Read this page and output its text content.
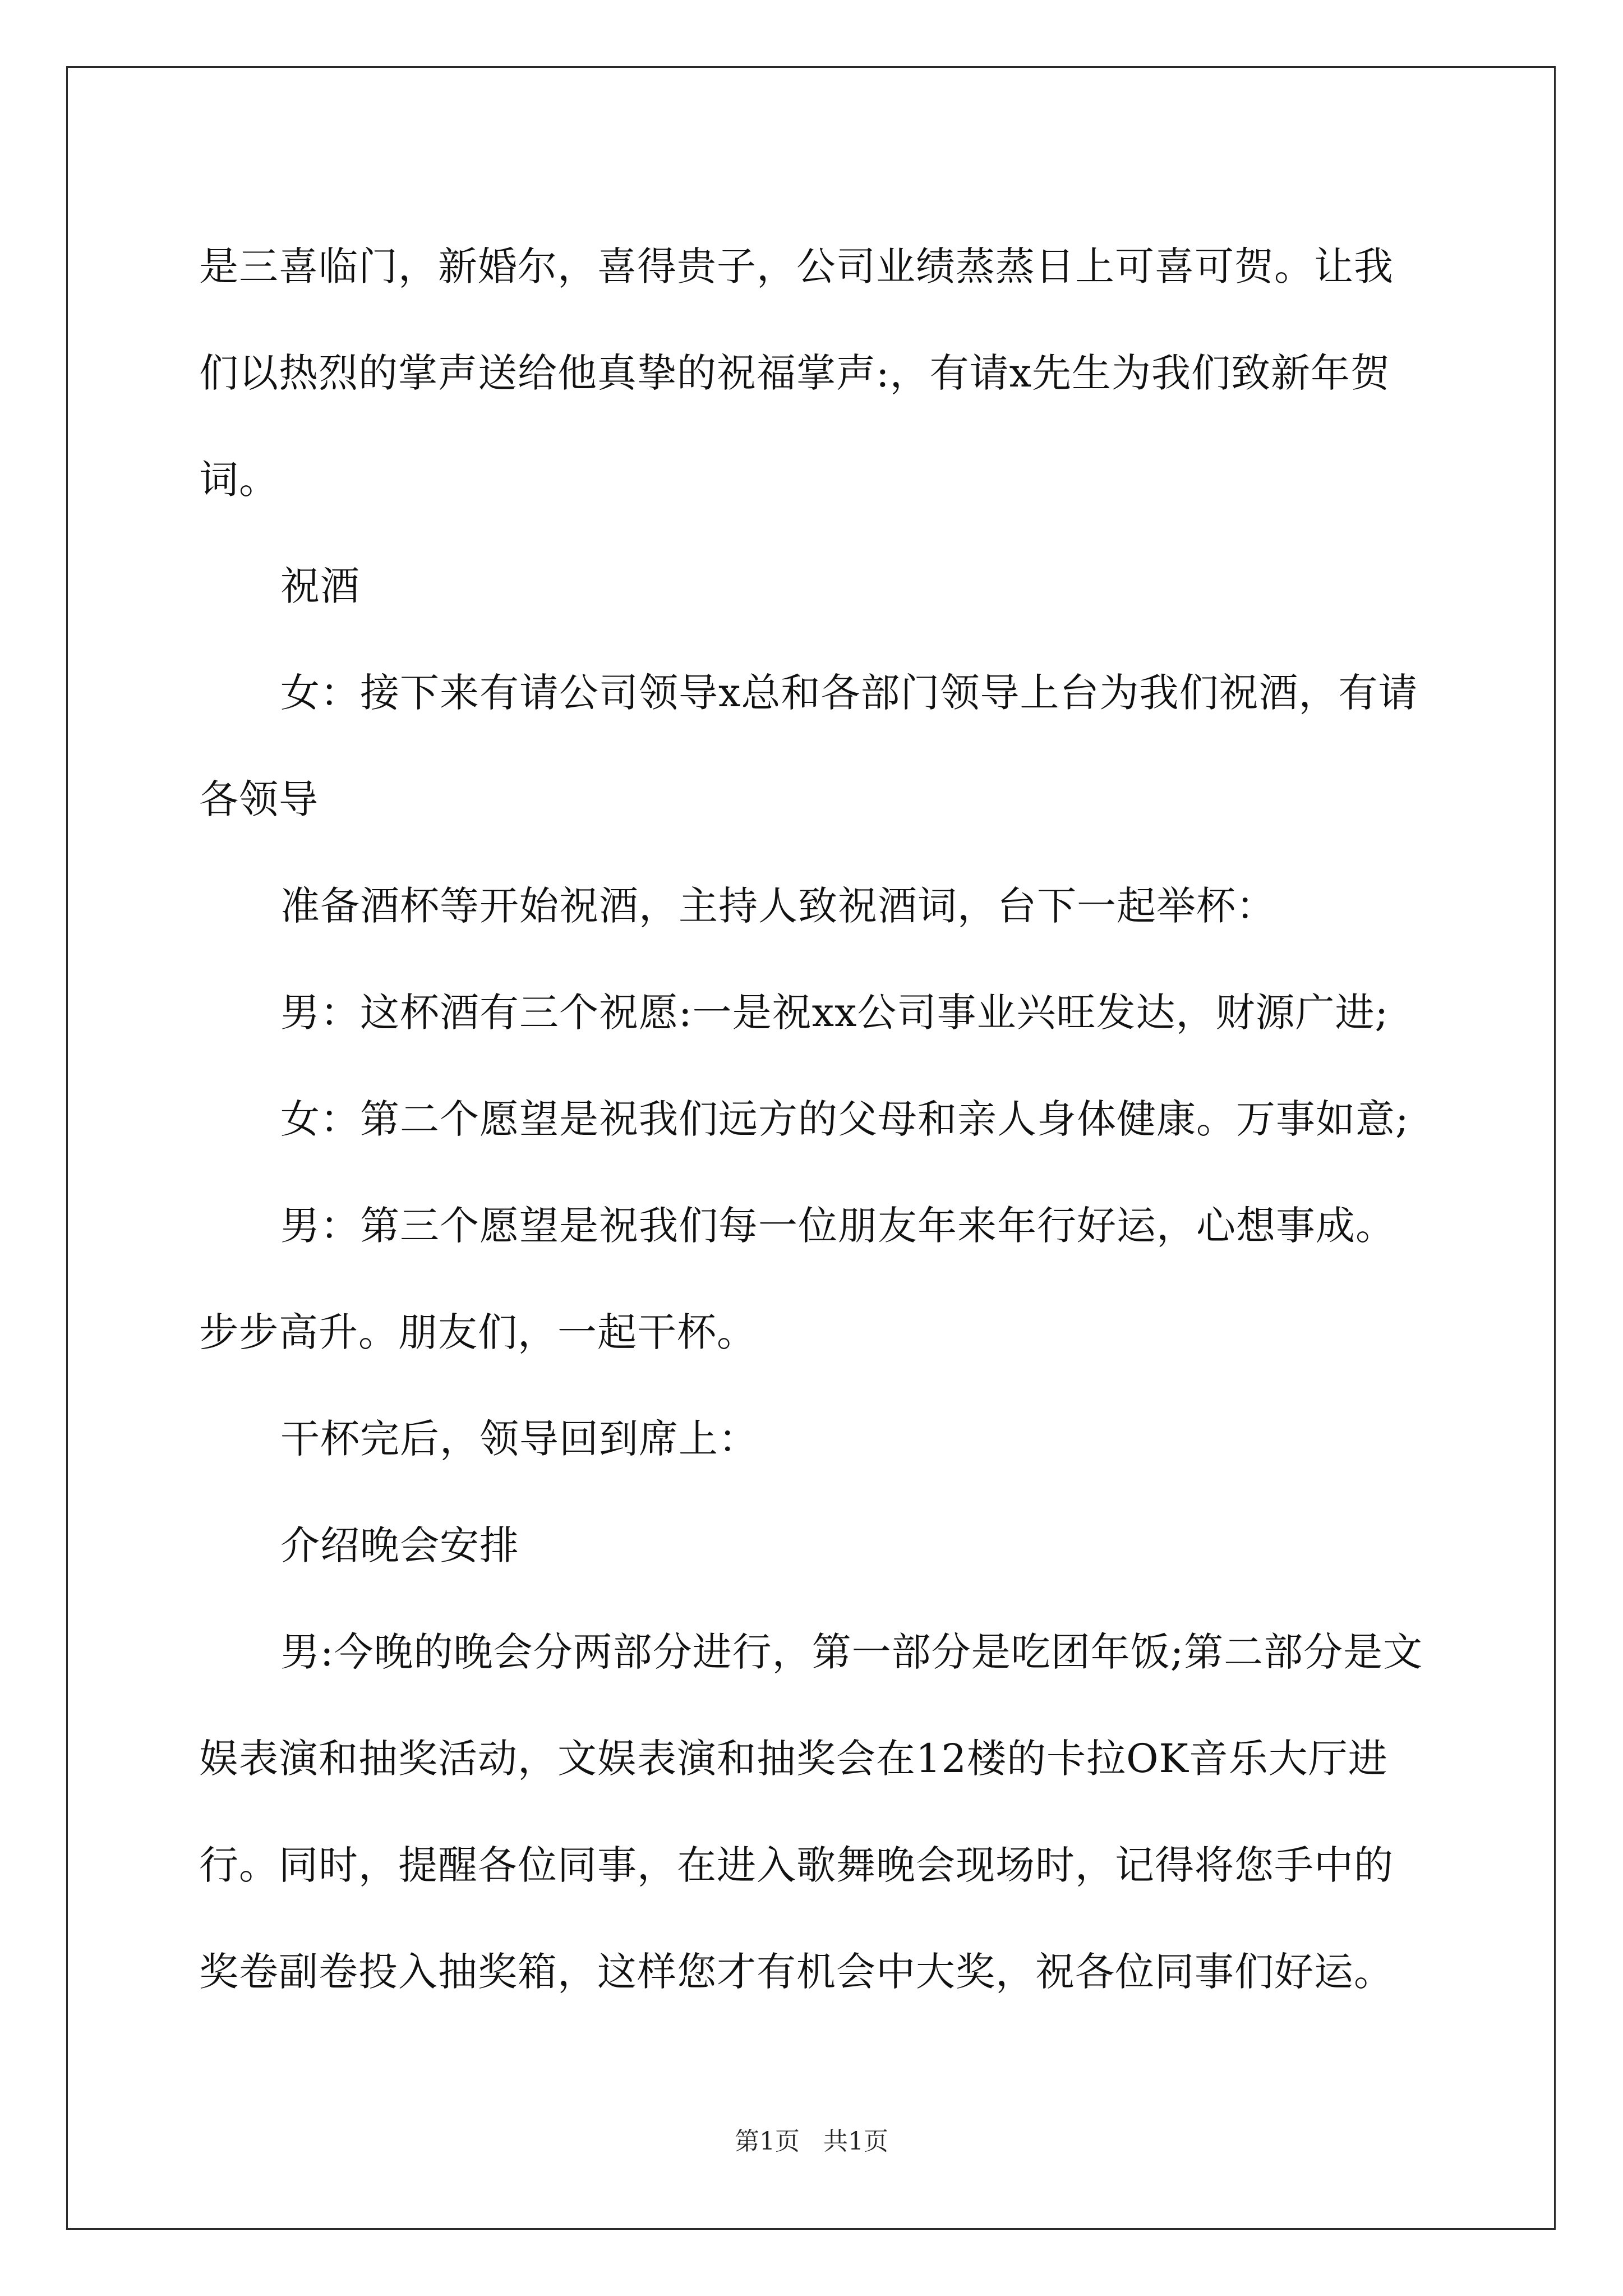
是三喜临门，新婚尔，喜得贵子，公司业绩蒸蒸日上可喜可贺。让我们以热烈的掌声送给他真挚的祝福掌声:，有请x先生为我们致新年贺词。

祝酒

女：接下来有请公司领导x总和各部门领导上台为我们祝酒，有请各领导

准备酒杯等开始祝酒，主持人致祝酒词，台下一起举杯：

男：这杯酒有三个祝愿:一是祝xx公司事业兴旺发达，财源广进;

女：第二个愿望是祝我们远方的父母和亲人身体健康。万事如意;

男：第三个愿望是祝我们每一位朋友年来年行好运，心想事成。步步高升。朋友们，一起干杯。

干杯完后，领导回到席上：

介绍晚会安排

男:今晚的晚会分两部分进行，第一部分是吃团年饭;第二部分是文娱表演和抽奖活动，文娱表演和抽奖会在12楼的卡拉OK音乐大厅进行。同时，提醒各位同事，在进入歌舞晚会现场时，记得将您手中的奖卷副卷投入抽奖箱，这样您才有机会中大奖，祝各位同事们好运。

第1页 共1页
